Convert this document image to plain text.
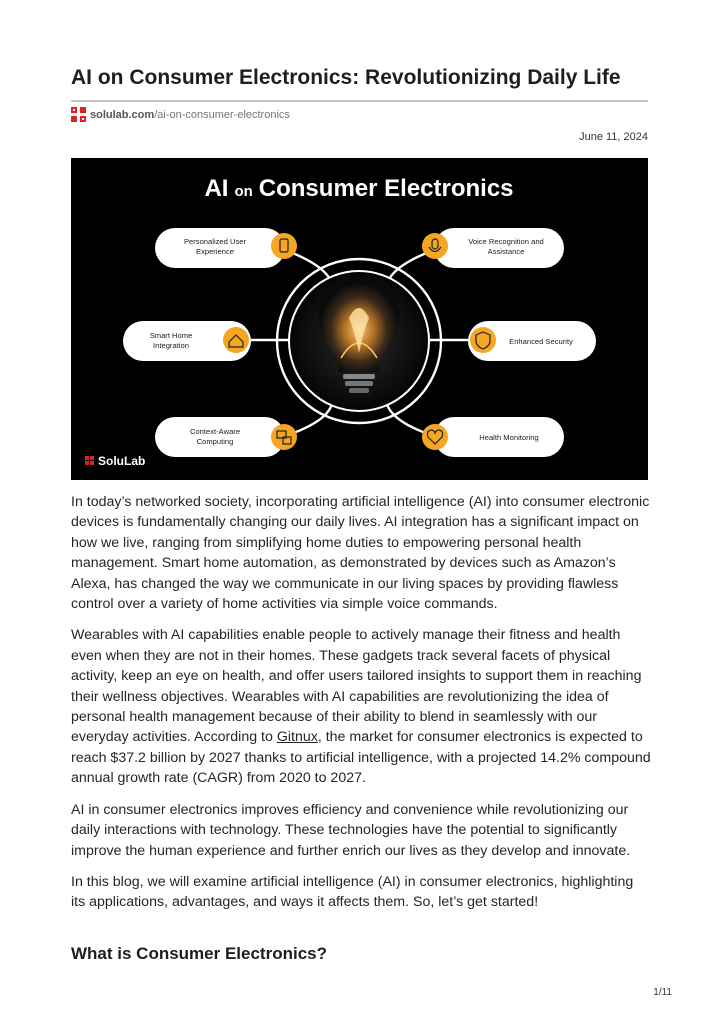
AI on Consumer Electronics: Revolutionizing Daily Life
solulab.com/ai-on-consumer-electronics
June 11, 2024
AI on Consumer Electronics
Personalized User
Experience
Smart Home
Integration
Context-Aware
Computing
Voice Recognition and
Assistance
Enhanced Security
Health Monitoring
SoluLab

In today’s networked society, incorporating artificial intelligence (AI) into consumer electronic devices is fundamentally changing our daily lives. AI integration has a significant impact on how we live, ranging from simplifying home duties to empowering personal health management. Smart home automation, as demonstrated by devices such as Amazon’s Alexa, has changed the way we communicate in our living spaces by providing flawless control over a variety of home activities via simple voice commands.

Wearables with AI capabilities enable people to actively manage their fitness and health even when they are not in their homes. These gadgets track several facets of physical activity, keep an eye on health, and offer users tailored insights to support them in reaching their wellness objectives. Wearables with AI capabilities are revolutionizing the idea of personal health management because of their ability to blend in seamlessly with our everyday activities. According to Gitnux, the market for consumer electronics is expected to reach $37.2 billion by 2027 thanks to artificial intelligence, with a projected 14.2% compound annual growth rate (CAGR) from 2020 to 2027.

AI in consumer electronics improves efficiency and convenience while revolutionizing our daily interactions with technology. These technologies have the potential to significantly improve the human experience and further enrich our lives as they develop and innovate.

In this blog, we will examine artificial intelligence (AI) in consumer electronics, highlighting its applications, advantages, and ways it affects them. So, let’s get started!

What is Consumer Electronics?
1/11
